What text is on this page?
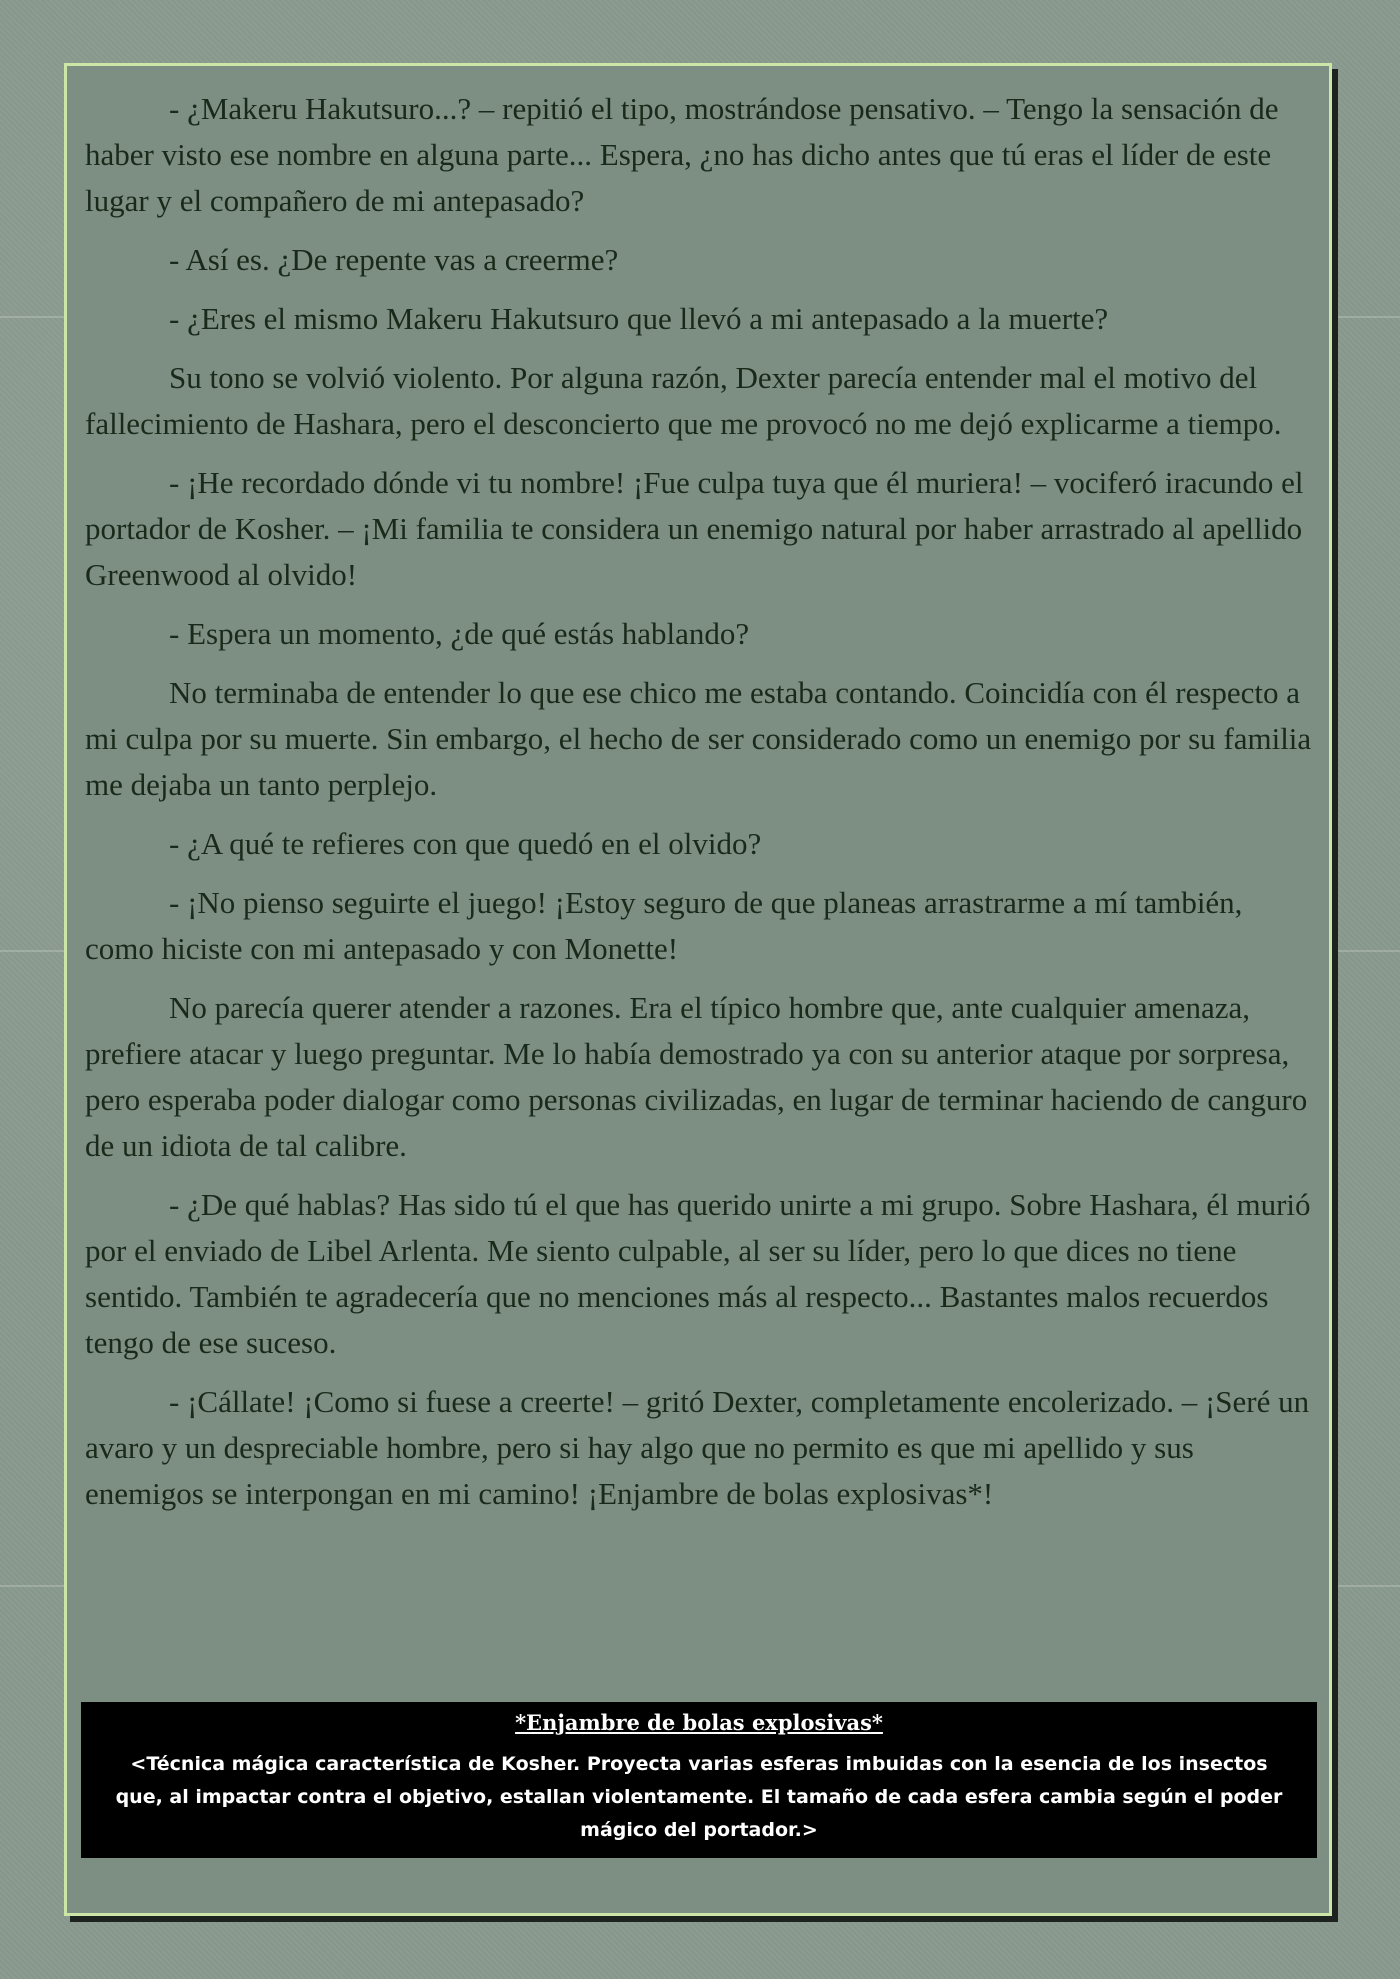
- ¿Makeru Hakutsuro...? – repitió el tipo, mostrándose pensativo. – Tengo la sensación de haber visto ese nombre en alguna parte... Espera, ¿no has dicho antes que tú eras el líder de este lugar y el compañero de mi antepasado?

- Así es. ¿De repente vas a creerme?

- ¿Eres el mismo Makeru Hakutsuro que llevó a mi antepasado a la muerte?

Su tono se volvió violento. Por alguna razón, Dexter parecía entender mal el motivo del fallecimiento de Hashara, pero el desconcierto que me provocó no me dejó explicarme a tiempo.

- ¡He recordado dónde vi tu nombre! ¡Fue culpa tuya que él muriera! – vociferó iracundo el portador de Kosher. – ¡Mi familia te considera un enemigo natural por haber arrastrado al apellido Greenwood al olvido!

- Espera un momento, ¿de qué estás hablando?

No terminaba de entender lo que ese chico me estaba contando. Coincidía con él respecto a mi culpa por su muerte. Sin embargo, el hecho de ser considerado como un enemigo por su familia me dejaba un tanto perplejo.

- ¿A qué te refieres con que quedó en el olvido?

- ¡No pienso seguirte el juego! ¡Estoy seguro de que planeas arrastrarme a mí también, como hiciste con mi antepasado y con Monette!

No parecía querer atender a razones. Era el típico hombre que, ante cualquier amenaza, prefiere atacar y luego preguntar. Me lo había demostrado ya con su anterior ataque por sorpresa, pero esperaba poder dialogar como personas civilizadas, en lugar de terminar haciendo de canguro de un idiota de tal calibre.

- ¿De qué hablas? Has sido tú el que has querido unirte a mi grupo. Sobre Hashara, él murió por el enviado de Libel Arlenta. Me siento culpable, al ser su líder, pero lo que dices no tiene sentido. También te agradecería que no menciones más al respecto... Bastantes malos recuerdos tengo de ese suceso.

- ¡Cállate! ¡Como si fuese a creerte! – gritó Dexter, completamente encolerizado. – ¡Seré un avaro y un despreciable hombre, pero si hay algo que no permito es que mi apellido y sus enemigos se interpongan en mi camino! ¡Enjambre de bolas explosivas*!

*Enjambre de bolas explosivas*
<Técnica mágica característica de Kosher. Proyecta varias esferas imbuidas con la esencia de los insectos que, al impactar contra el objetivo, estallan violentamente. El tamaño de cada esfera cambia según el poder mágico del portador.>
